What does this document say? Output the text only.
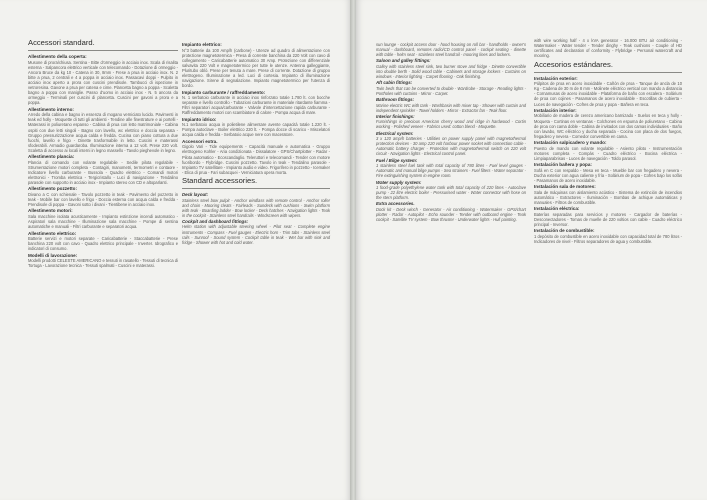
Accessori standard.
Allestimento della coperta:

Musone di prora/chiusa. Sentina - Bitte d'ormeggio in acciaio inox. Scala di risalita esterna - Salpancora elettrico verticale con telecomando - Dotazione di ormeggio - Ancora Bruce da kg 10 - Catena in 30, 8mm - Frese a prua in acciaio inox. N. 2 bitte a prua, 2 centrali e 4 a poppa in acciaio inox. Passacavi doppi - Pulpito in acciaio inox aperto a prora con cuscini prendisole. Tambucci di ispezione in vetroresina. Gavone a prua per catena e cime. Plancetta bagno a poppa - Scaletta bagno a poppa con maniglie. Passo d'uomo in acciaio inox - N. 5 ancora da ormeggio - Terminali per cuscini di plancetta. Cuscini per gavoni a prora e a poppa.

Allestimento interno:

Arredo della cabina e bagno in essenza di mogano verniciato lucido. Pavimenti in teak ed holly - Moquette di tutti gli ambienti - Tendine alle finestrature e ai portelli - Materassi in poliuretano espanso - Cabina di prua con letto matrimoniale - Cabina ospiti con due letti singoli - Bagno con lavello, wc elettrico e doccia separata - Gruppo pressurizzazione acqua calda e fredda. Cucina con piano cottura a due fuochi, lavello e frigo - Dinette trasformabile in letto. Cuscini e materassi sfoderabili. Armadio guardaroba. Illuminazione interna a 12 volt. Prese 220 volt. Scaletta di accesso ai locali interni in legno massello - Tavolo pieghevole in legno.

Allestimento plancia:

Plancia di comando con volante regolabile - Sedile pilota regolabile - Strumentazione motori completa - Contagiri, manometri, termometri e contaore - Indicatore livello carburante - Bussola - Quadro elettrico - Comandi motori elettronici - Tromba elettrica - Tergicristallo - Luci di navigazione - Tendalino parasole con supporto in acciaio inox - Impianto stereo con CD e altoparlanti.

Allestimento pozzetto:

Divano a C con schienale - Tavolo pozzetto in teak - Pavimento del pozzetto in teak - Mobile bar con lavello e frigo - Doccia esterna con acqua calda e fredda - Prendisole di poppa - Gavoni sotto i divani - Tientibene in acciaio inox.

Allestimento motori:

Sala macchine isolata acusticamente - Impianto estinzione incendi automatico - Aspiratori sala macchine - Illuminazione sala macchine - Pompe di sentina automatiche e manuali - Filtri carburante e separatori acqua.

Allestimento elettrico:

Batterie servizi e motori separate - Caricabatterie - Staccabatterie - Prese banchina 220 volt con cavo - Quadro elettrico principale - Inverter. Idrografico e indicatori di consumo.

Modelli di lavorazione:

Modelli prodotti CELESTE AMERICANO e tessuti in rasatello - Tessuti di tecnica di Tortuga - Lavorazione tecnica - Tessuti spalmati - Cuscini e materassi.

Impianto elettrico:

N°3 batterie da 100 Amp/h (carbone) - Utenze ad quadro di alimentazione con protezione magnetotermica - Presa di corrente banchina da 220 Volt con cavo di collegamento - Caricabatterie automatico 30 Amp. Protezione con differenziale salvavita 220 Volt e magnetotermico per tutte le utenze. Antenna galleggiante, Pluritubo oblò. Prese per tenuta a mare. Prese di corrente. Dotazione di gruppo elettrogeno. Illuminazione a led. Luci di cortesia. Impianto di illuminazione navigazione. Sirene di segnalazione. Impianto magnetotermico per l'utenza di bordo.

Impianto carburante / raffreddamento:

N. 1 serbatoio carburante in acciaio inox rinforzato totale 1.780 lt. con bocche separate e livello controllo - Tubazioni carburante in materiale ritardante fiamma - Filtri separatori acqua/carburante - Valvole d'intercettazione rapida carburante - Raffreddamento motori con scambiatore di calore - Pompa acqua di mare.

Impianto idrico:

N.1 serbatoio acqua in polietilene alimentare avente capacità totale 1.220 lt. - Pompa autoclave - Boiler elettrico 220 lt. - Pompa docce di scarico - Miscelatori acqua calda e fredda - Serbatoio acque nere con maceratore.

Accessori extra.

Gigolo Vari - Tide equipements - Capacità manuale e automatica - Gruppo elettrogeno Kohler - Aria condizionata - Dissalatore - GPS/Chartplotter - Radar - Pilota automatico - Ecoscandaglio. Teleruttori e telecomandi - Tender con motore fuoribordo - Flybridge. Cuscini pozzetto. Tavolo in teak - Tendalino parasole - Impianto TV satellitare - Impianto audio e video. Frigorifero in pozzetto - Icemaker - Elica di prua - Fari subacquei - Verniciatura opera morta.

Standard accessories.
Deck layout:

Stainless steel bow pulpit - Anchor windlass with remote control - Anchor roller and chain - Mooring cleats - Fairleads - Sundeck with cushions - Swim platform with teak - Boarding ladder - Bow locker - Deck hatches - Navigation lights - Teak in the cockpit - Stainless steel handrails - Windscreen with wipers.

Cockpit and dashboard fittings:

Helm station with adjustable steering wheel - Pilot seat - Complete engine instruments - Compass - Fuel gauges - Electric horn - Trim tabs - Stainless steel rails - Sunroof - Sound system - Cockpit table in teak - Wet bar with sink and fridge - Shower with hot and cold water.

sun lounge - cockpit access door - hood housing on roll bar - handholds - owner's manual - dashboard, remotes radio/CD control panel - cockpit seating - dinette with table - helm seat - stainless steel handrail - mooring lines and lockers.

Saloon and galley fittings:

Galley with stainless steel sink, two burner stove and fridge - Dinette convertible into double berth - Solid wood table - Cabinets and storage lockers - Curtains on windows - Interior lighting - Carpet flooring - Oak finishing.

Aft cabin fittings:

Twin beds that can be converted to double - Wardrobe - Storage - Reading lights - Portholes with curtains - Mirror - Carpet.

Bathroom fittings:

Marine electric WC with tank - Washbasin with mixer tap - Shower with curtain and independent sprinkler - Towel holders - Mirror - Extractor fan - Teak floor.

Interior finishings:

Furnishings in precious American cherry wood and ridge in hardwood - Cortin working - Polished veneer - Fabrics used: cotton blend - Moquette.

Electrical system:

3 x 120 amp/h batteries - Utilities on power supply panel with magnetothermal protection devices - 30 amp 220 volt harbour power socket with connection cable - Automatic battery charger - Protection with magnetothermal switch on 220 volt circuit - Navigation lights - Electrical control panel.

Fuel / Bilge system:

1 stainless steel fuel tank with total capacity of 780 litres - Fuel level gauges - Automatic and manual bilge pumps - Sea strainers - Fuel filters - Water separator - Fire extinguishing system in engine room.

Water supply system:

1 food-grade polyethylene water tank with total capacity of 220 litres - Autoclave pump - 22 litre electric boiler - Pressurised water - Water connector with hose on the stern platform.

Extra accessories.

Dock kit - Deck winch - Generator - Air conditioning - Watermaker - GPS/chart plotter - Radar - Autopilot - Echo sounder - Tender with outboard engine - Teak cockpit - Satellite TV system - Bow thruster - Underwater lights - Hull painting.

with wire working half - 4 x kVA generator - 16.000 BTU air conditioning - Watermaker - Water tender - Tender dinghy - Teak cushions - Couple of HD certificates and declaration of conformity - Flybridge - Personal watercraft and mooring.

Accesorios estándares.
Instalación exterior:

Púlpitos de proa en acero inoxidable - Cañón de proa - Tanque de ancla de 10 Kg - Cadena de 30 m de 8 mm - Molinete eléctrico vertical con mando a distancia - Cornamusas de acero inoxidable - Plataforma de baño con escalera - Solárium de proa con cojines - Pasamanos de acero inoxidable - Escotillas de cubierta - Luces de navegación - Cofres de proa y popa - Bañera en teca.

Instalación interior:

Mobiliario de madera de cerezo americano barnizado - Suelos en teca y holly - Moqueta - Cortinas en ventanas - Colchones en espuma de poliuretano - Cabina de proa con cama doble - Cabina de invitados con dos camas individuales - Baño con lavabo, WC eléctrico y ducha separada - Cocina con placa de dos fuegos, fregadero y nevera - Comedor convertible en cama.

Instalación salpicadero y mando:

Puesto de mando con volante regulable - Asiento piloto - Instrumentación motores completa - Compás - Cuadro eléctrico - Bocina eléctrica - Limpiaparabrisas - Luces de navegación - Toldo parasol.

Instalación bañera y popa:

Sofá en C con respaldo - Mesa en teca - Mueble bar con fregadero y nevera - Ducha exterior con agua caliente y fría - Solárium de popa - Cofres bajo los sofás - Pasamanos de acero inoxidable.

Instalación sala de motores:

Sala de máquinas con aislamiento acústico - Sistema de extinción de incendios automático - Extractores - Iluminación - Bombas de achique automáticas y manuales - Filtros de combustible.

Instalación eléctrica:

Baterías separadas para servicios y motores - Cargador de baterías - Desconectadores - Tomas de muelle de 220 voltios con cable - Cuadro eléctrico principal - Inversor.

Instalación de combustible:

1 depósito de combustible en acero inoxidable con capacidad total de 780 litros - Indicadores de nivel - Filtros separadores de agua y combustible.
